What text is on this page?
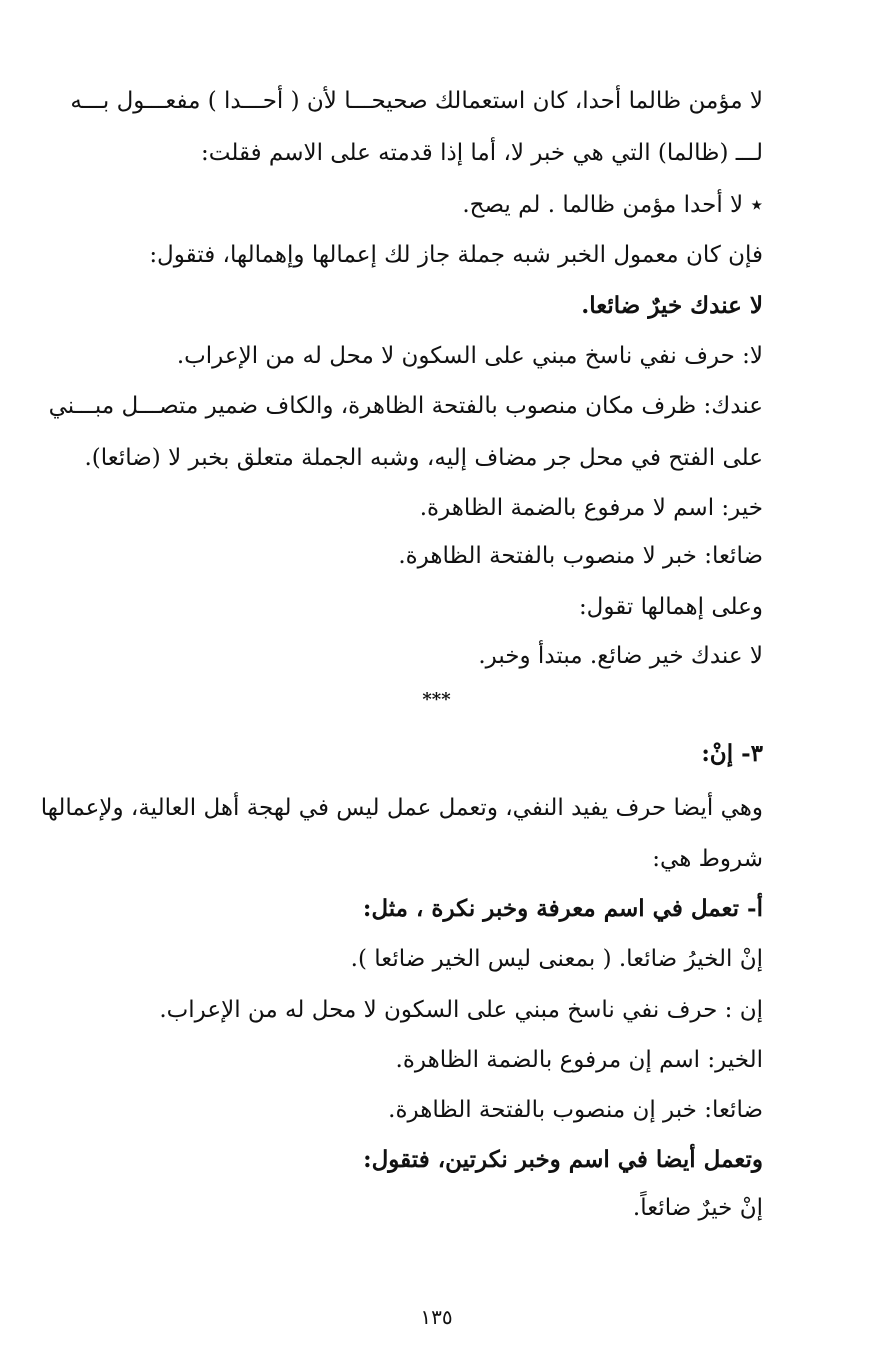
لا مؤمن ظالما أحدا، كان استعمالك صحيحـــا لأن ( أحـــدا ) مفعـــول بـــه
لـــ (ظالما) التي هي خبر لا، أما إذا قدمته على الاسم فقلت:
٭ لا أحدا مؤمن ظالما . لم يصح.
فإن كان معمول الخبر شبه جملة جاز لك إعمالها وإهمالها، فتقول:
لا عندك خيرٌ ضائعا.
لا: حرف نفي ناسخ مبني على السكون لا محل له من الإعراب.
عندك: ظرف مكان منصوب بالفتحة الظاهرة، والكاف ضمير متصـــل مبـــني
على الفتح في محل جر مضاف إليه، وشبه الجملة متعلق بخبر لا (ضائعا).
خير: اسم لا مرفوع بالضمة الظاهرة.
ضائعا: خبر لا منصوب بالفتحة الظاهرة.
وعلى إهمالها تقول:
لا عندك خير ضائع. مبتدأ وخبر.
***
٣- إنْ:
وهي أيضا حرف يفيد النفي، وتعمل عمل ليس في لهجة أهل العالية، ولإعمالها
شروط هي:
أ- تعمل في اسم معرفة وخبر نكرة ، مثل:
إنْ الخيرُ ضائعا. ( بمعنى ليس الخير ضائعا ).
إن : حرف نفي ناسخ مبني على السكون لا محل له من الإعراب.
الخير: اسم إن مرفوع بالضمة الظاهرة.
ضائعا: خبر إن منصوب بالفتحة الظاهرة.
وتعمل أيضا في اسم وخبر نكرتين، فتقول:
إنْ خيرٌ ضائعاً.
١٣٥
